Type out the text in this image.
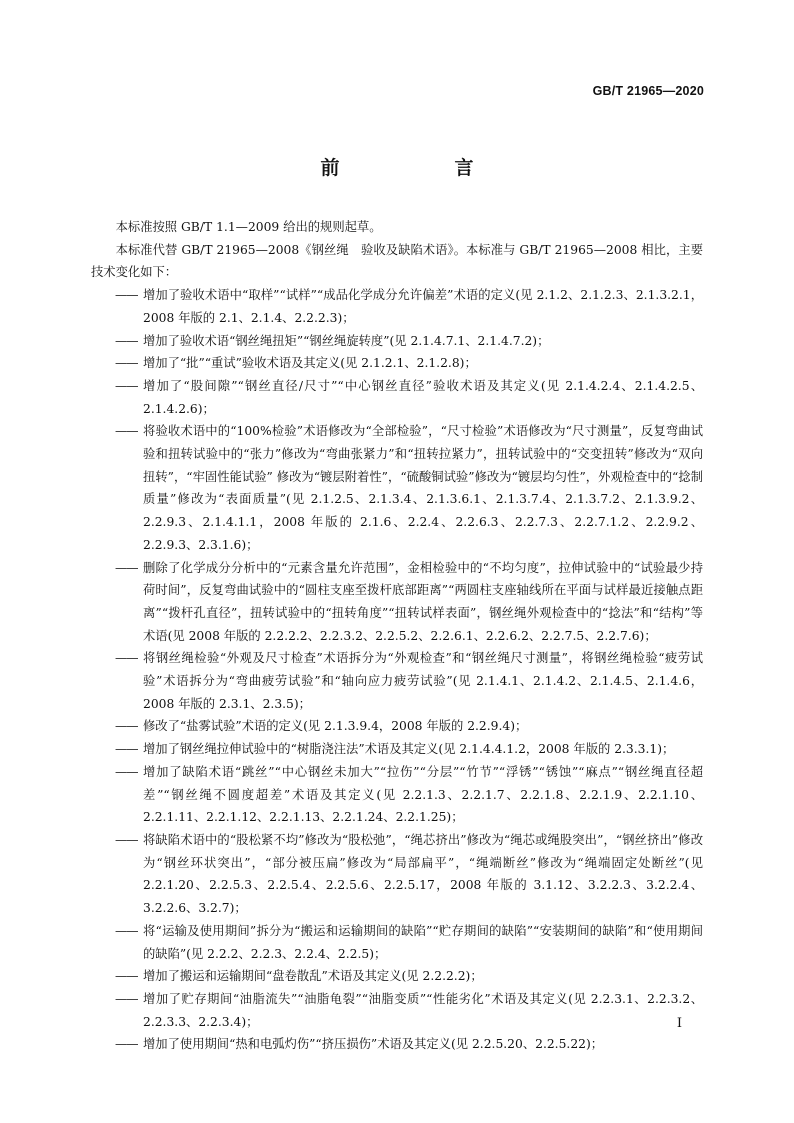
GB/T 21965—2020
前　言

本标准按照 GB/T 1.1—2009 给出的规则起草。

本标准代替 GB/T 21965—2008《钢丝绳　验收及缺陷术语》。本标准与 GB/T 21965—2008 相比，主要技术变化如下：

—— 增加了验收术语中“取样”“试样”“成品化学成分允许偏差”术语的定义(见 2.1.2、2.1.2.3、2.1.3.2.1，2008 年版的 2.1、2.1.4、2.2.2.3)；

—— 增加了验收术语“钢丝绳扭矩”“钢丝绳旋转度”(见 2.1.4.7.1、2.1.4.7.2)；

—— 增加了“批”“重试”验收术语及其定义(见 2.1.2.1、2.1.2.8)；

—— 增加了“股间隙”“钢丝直径/尺寸”“中心钢丝直径”验收术语及其定义(见 2.1.4.2.4、2.1.4.2.5、2.1.4.2.6)；

—— 将验收术语中的“100%检验”术语修改为“全部检验”，“尺寸检验”术语修改为“尺寸测量”，反复弯曲试验和扭转试验中的“张力”修改为“弯曲张紧力”和“扭转拉紧力”，扭转试验中的“交变扭转”修改为“双向扭转”，“牢固性能试验” 修改为“镀层附着性”，“硫酸铜试验”修改为“镀层均匀性”，外观检查中的“捻制质量”修改为“表面质量”(见 2.1.2.5、2.1.3.4、2.1.3.6.1、2.1.3.7.4、2.1.3.7.2、2.1.3.9.2、2.2.9.3、2.1.4.1.1，2008 年版的 2.1.6、2.2.4、2.2.6.3、2.2.7.3、2.2.7.1.2、2.2.9.2、2.2.9.3、2.3.1.6)；

—— 删除了化学成分分析中的“元素含量允许范围”，金相检验中的“不均匀度”，拉伸试验中的“试验最少持荷时间”，反复弯曲试验中的“圆柱支座至拨杆底部距离”“两圆柱支座轴线所在平面与试样最近接触点距离”“拨杆孔直径”，扭转试验中的“扭转角度”“扭转试样表面”，钢丝绳外观检查中的“捻法”和“结构”等术语(见 2008 年版的 2.2.2.2、2.2.3.2、2.2.5.2、2.2.6.1、2.2.6.2、2.2.7.5、2.2.7.6)；

—— 将钢丝绳检验“外观及尺寸检查”术语拆分为“外观检查”和“钢丝绳尺寸测量”，将钢丝绳检验“疲劳试验”术语拆分为“弯曲疲劳试验”和“轴向应力疲劳试验”(见 2.1.4.1、2.1.4.2、2.1.4.5、2.1.4.6，2008 年版的 2.3.1、2.3.5)；

—— 修改了“盐雾试验”术语的定义(见 2.1.3.9.4，2008 年版的 2.2.9.4)；

—— 增加了钢丝绳拉伸试验中的“树脂浇注法”术语及其定义(见 2.1.4.4.1.2，2008 年版的 2.3.3.1)；

—— 增加了缺陷术语“跳丝”“中心钢丝未加大”“拉伤”“分层”“竹节”“浮锈”“锈蚀”“麻点”“钢丝绳直径超差”“钢丝绳不圆度超差”术语及其定义(见 2.2.1.3、2.2.1.7、2.2.1.8、2.2.1.9、2.2.1.10、2.2.1.11、2.2.1.12、2.2.1.13、2.2.1.24、2.2.1.25)；

—— 将缺陷术语中的“股松紧不均”修改为“股松弛”，“绳芯挤出”修改为“绳芯或绳股突出”，“钢丝挤出”修改为“钢丝环状突出”，“部分被压扁”修改为“局部扁平”，“绳端断丝”修改为“绳端固定处断丝”(见 2.2.1.20、2.2.5.3、2.2.5.4、2.2.5.6、2.2.5.17，2008 年版的 3.1.12、3.2.2.3、3.2.2.4、3.2.2.6、3.2.7)；

—— 将“运输及使用期间”拆分为“搬运和运输期间的缺陷”“贮存期间的缺陷”“安装期间的缺陷”和“使用期间的缺陷”(见 2.2.2、2.2.3、2.2.4、2.2.5)；

—— 增加了搬运和运输期间“盘卷散乱”术语及其定义(见 2.2.2.2)；

—— 增加了贮存期间“油脂流失”“油脂龟裂”“油脂变质”“性能劣化”术语及其定义(见 2.2.3.1、2.2.3.2、2.2.3.3、2.2.3.4)；

—— 增加了使用期间“热和电弧灼伤”“挤压损伤”术语及其定义(见 2.2.5.20、2.2.5.22)；

I
